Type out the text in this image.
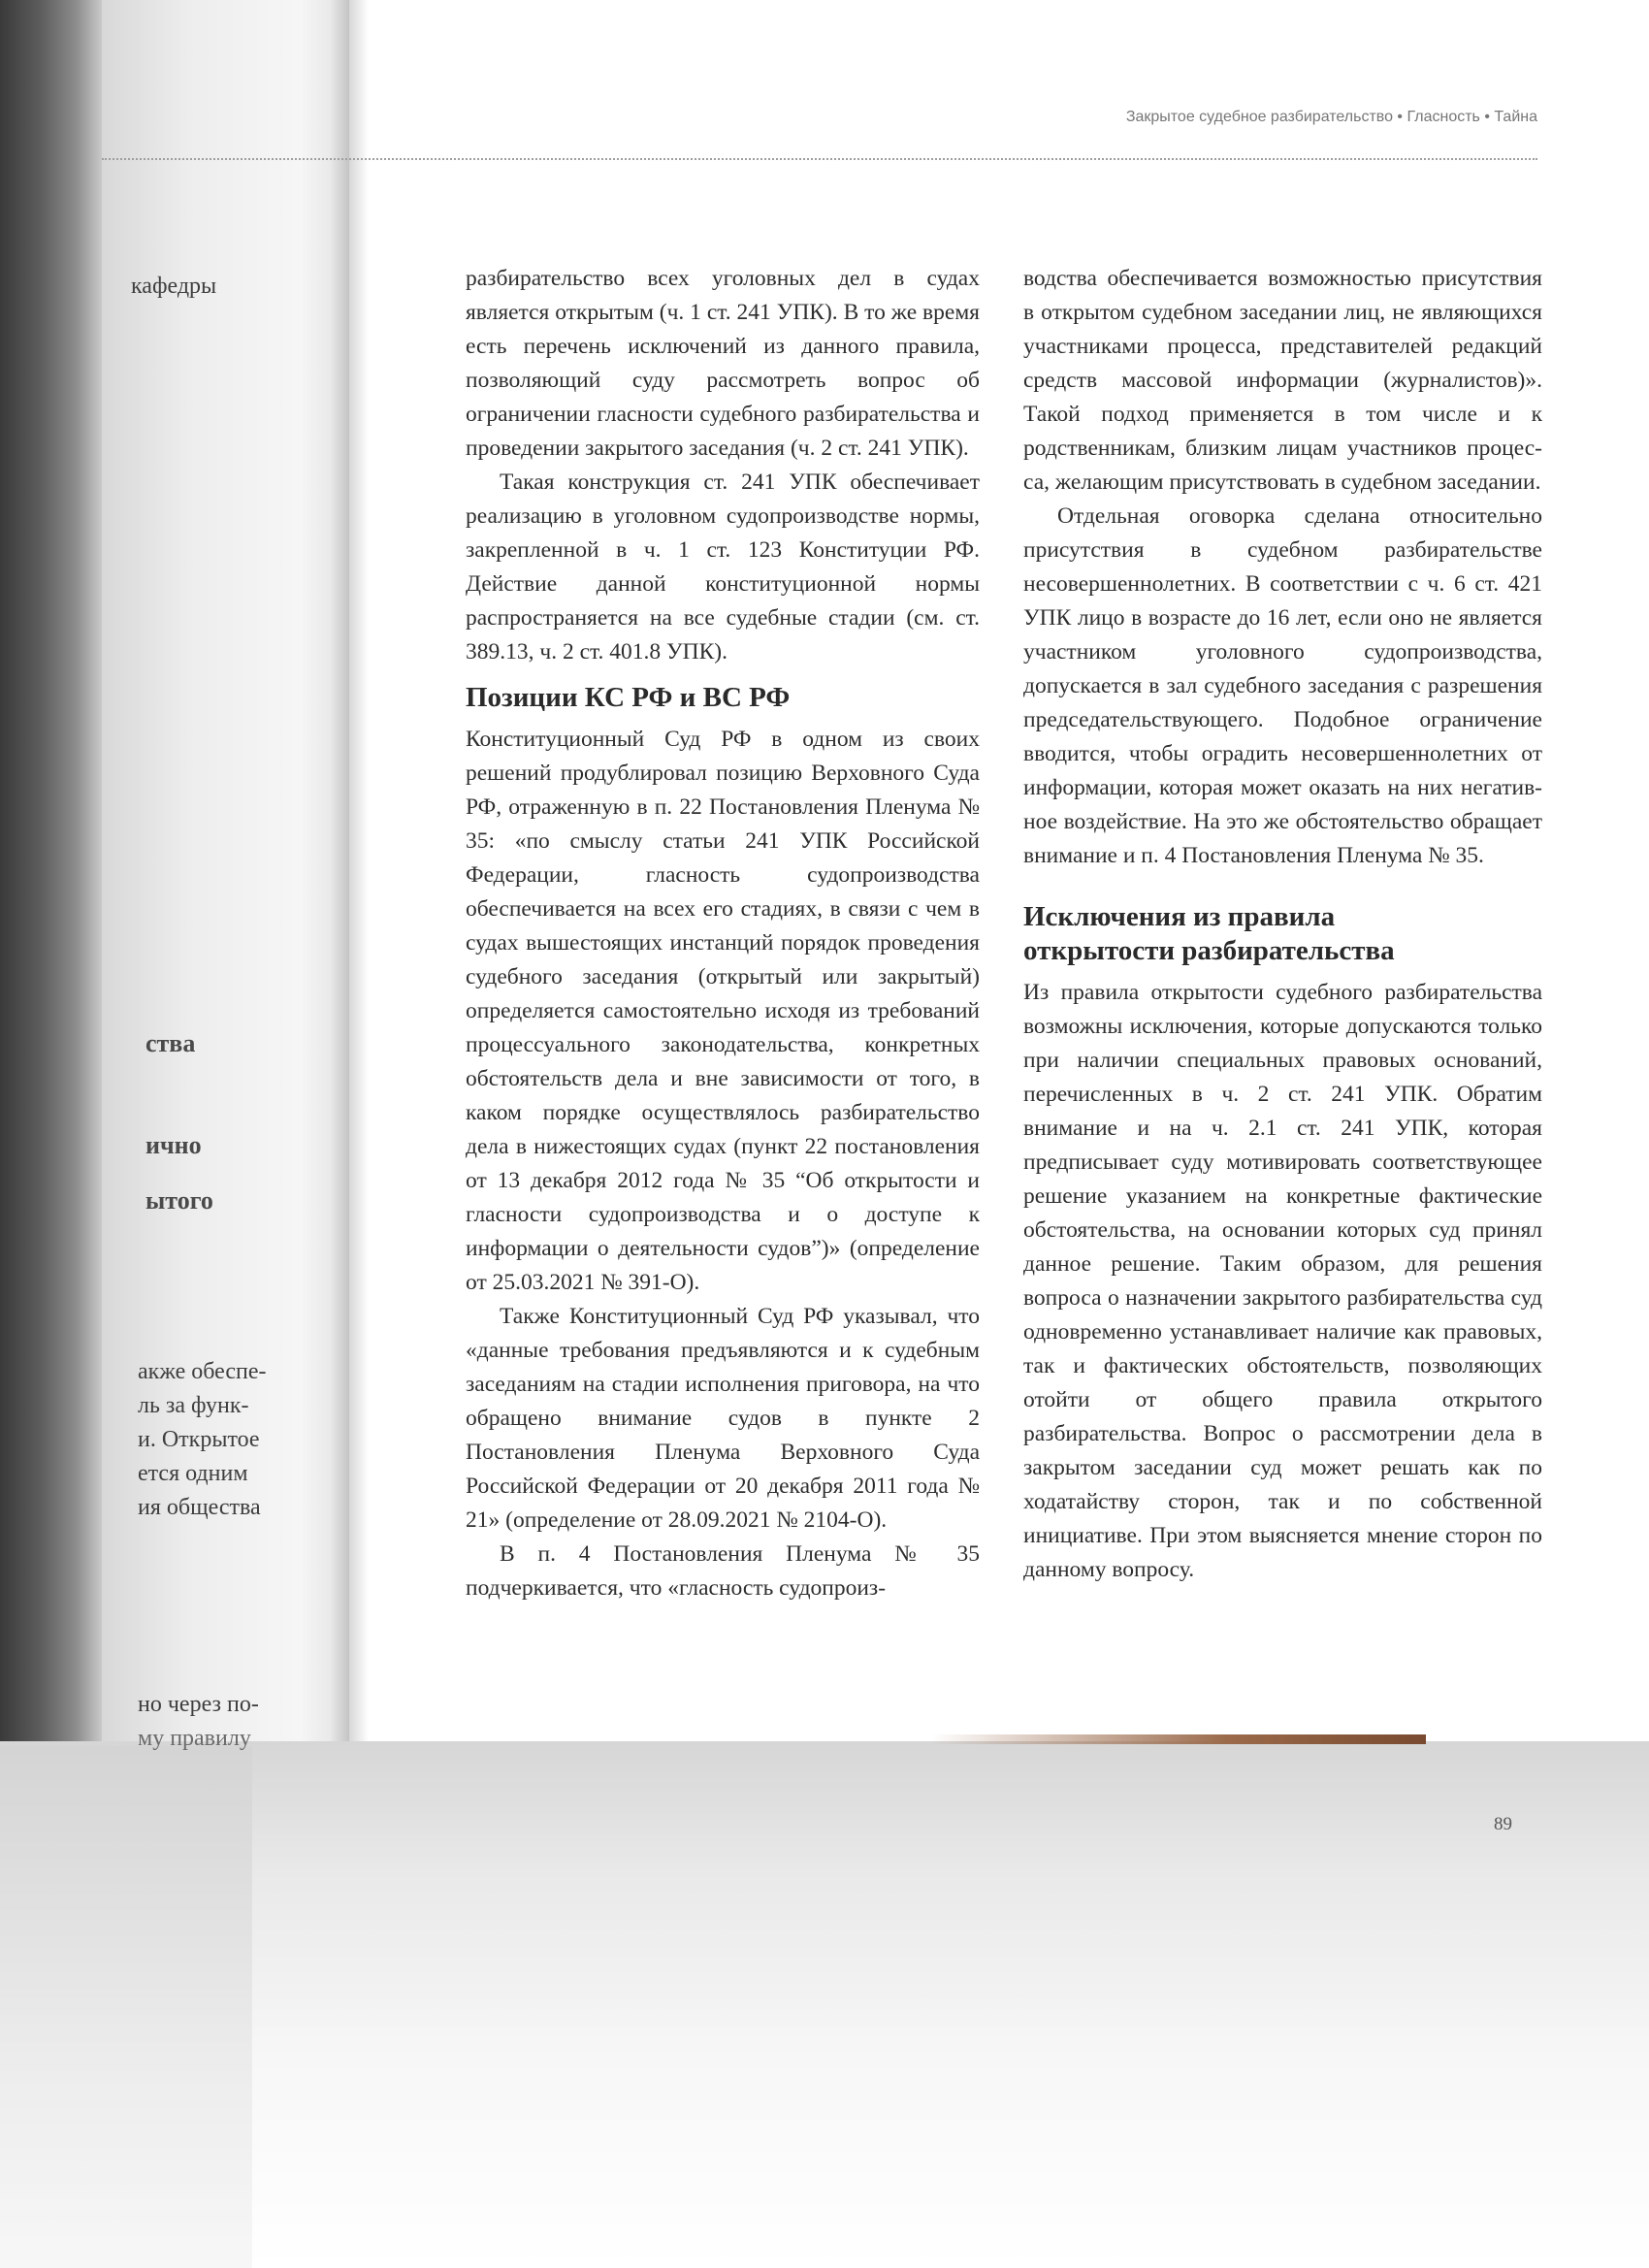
кафедры
ства
ично
ытого
акже обеспе-
ль за функ-
и. Открытое
ется одним
ия общества
но через по-
му правилу
Закрытое судебное разбирательство • Гласность • Тайна

разбирательство всех уголовных дел в судах является открытым (ч. 1 ст. 241 УПК). В то же время есть перечень исключений из данного правила, позволяющий суду рассмотреть вопрос об ограничении гласности судебного разбирательства и проведении закрытого заседания (ч. 2 ст. 241 УПК).

Такая конструкция ст. 241 УПК обеспечивает реализацию в уголовном судопроизводстве нормы, закрепленной в ч. 1 ст. 123 Конституции РФ. Действие данной конституционной нормы распространяется на все судебные стадии (см. ст. 389.13, ч. 2 ст. 401.8 УПК).

Позиции КС РФ и ВС РФ

Конституционный Суд РФ в одном из своих решений продублировал позицию Верховного Суда РФ, отраженную в п. 22 Постановления Пленума № 35: «по смыслу статьи 241 УПК Российской Федерации, гласность судопроизводства обеспечивается на всех его стадиях, в связи с чем в судах вышестоящих инстанций порядок проведения судебного заседания (открытый или закрытый) определяется самостоятельно исходя из требований процессуального законодательства, конкретных обстоятельств дела и вне зависимости от того, в каком порядке осуществлялось разбирательство дела в нижестоящих судах (пункт 22 постановления от 13 декабря 2012 года № 35 “Об открытости и гласности судопроизводства и о доступе к информации о деятельности судов”)» (определение от 25.03.2021 № 391-О).

Также Конституционный Суд РФ указывал, что «данные требования предъявляются и к судебным заседаниям на стадии исполнения приговора, на что обращено внимание судов в пункте 2 Постановления Пленума Верховного Суда Российской Федерации от 20 декабря 2011 года № 21» (определение от 28.09.2021 № 2104-О).

В п. 4 Постановления Пленума № 35 подчеркивается, что «гласность судопроиз-

водства обеспечивается возможностью присутствия в открытом судебном заседании лиц, не являющихся участниками процесса, представителей редакций средств массовой информации (журналистов)». Такой подход применяется в том числе и к родственникам, близким лицам участников процесса, желающим присутствовать в судебном заседании.

Отдельная оговорка сделана относительно присутствия в судебном разбирательстве несовершеннолетних. В соответствии с ч. 6 ст. 421 УПК лицо в возрасте до 16 лет, если оно не является участником уголовного судопроизводства, допускается в зал судебного заседания с разрешения председательствующего. Подобное ограничение вводится, чтобы оградить несовершеннолетних от информации, которая может оказать на них негативное воздействие. На это же обстоятельство обращает внимание и п. 4 Постановления Пленума № 35.

Исключения из правила
открытости разбирательства

Из правила открытости судебного разбирательства возможны исключения, которые допускаются только при наличии специальных правовых оснований, перечисленных в ч. 2 ст. 241 УПК. Обратим внимание и на ч. 2.1 ст. 241 УПК, которая предписывает суду мотивировать соответствующее решение указанием на конкретные фактические обстоятельства, на основании которых суд принял данное решение. Таким образом, для решения вопроса о назначении закрытого разбирательства суд одновременно устанавливает наличие как правовых, так и фактических обстоятельств, позволяющих отойти от общего правила открытого разбирательства. Вопрос о рассмотрении дела в закрытом заседании суд может решать как по ходатайству сторон, так и по собственной инициативе. При этом выясняется мнение сторон по данному вопросу.

89
